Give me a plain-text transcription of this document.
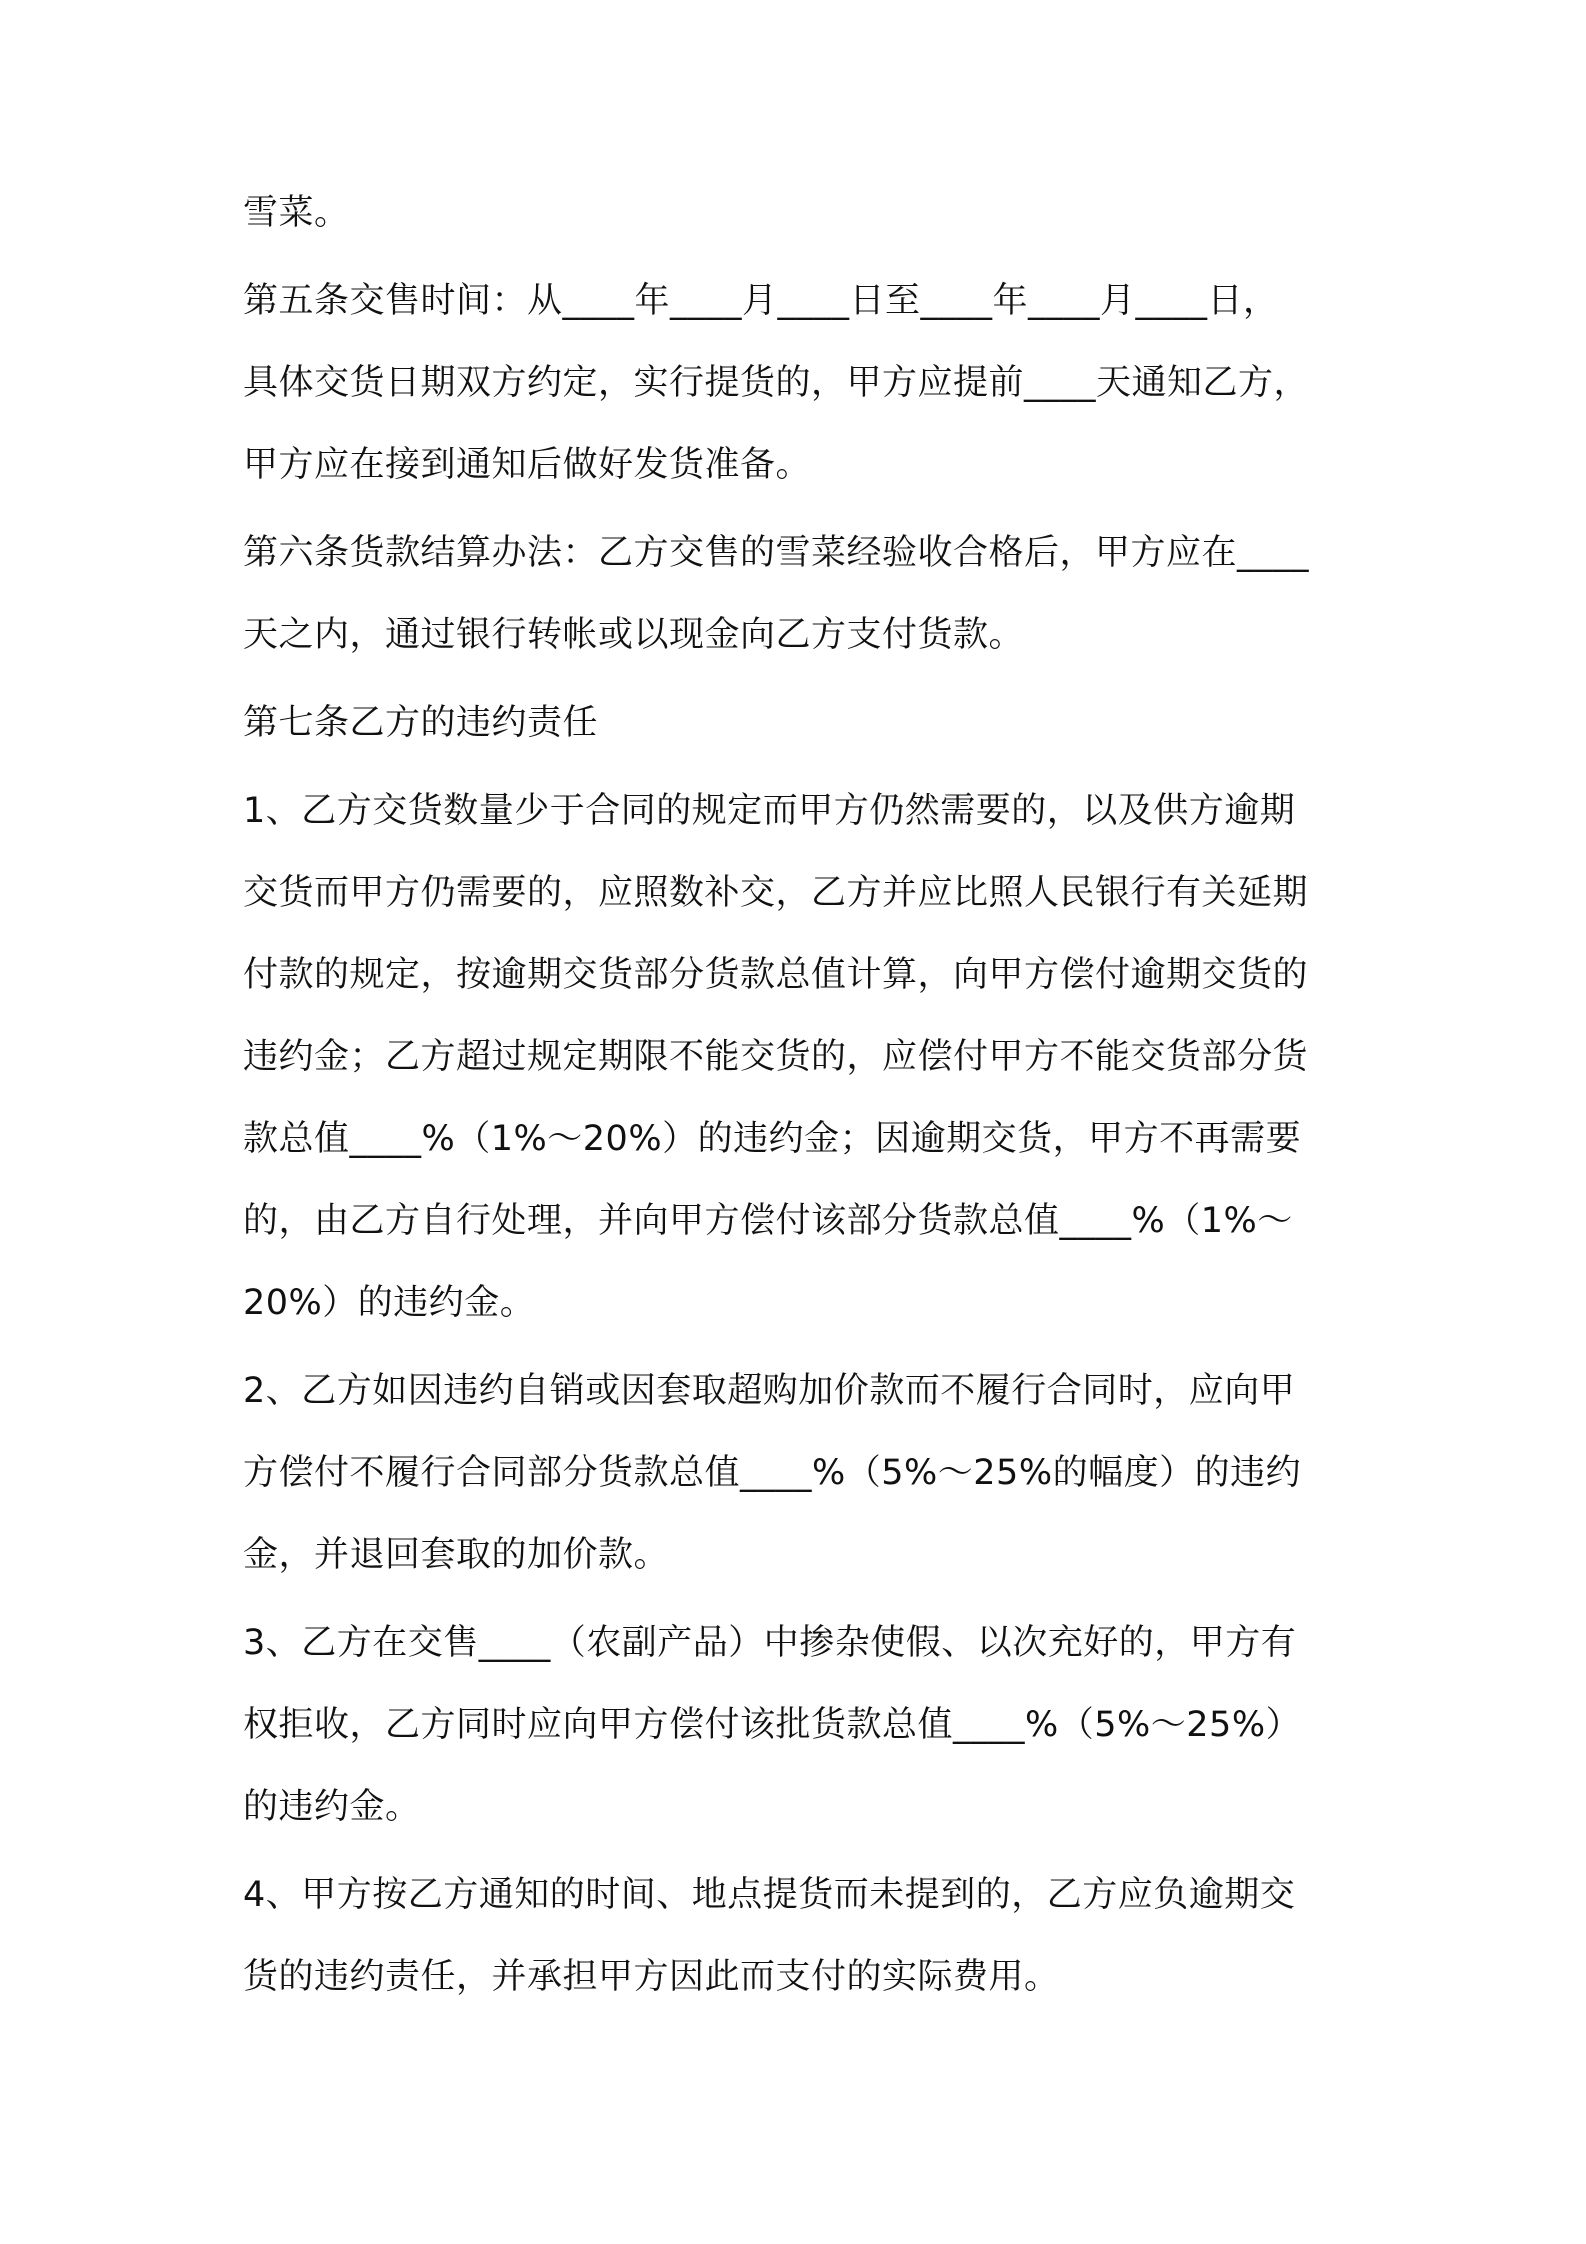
雪菜。

第五条交售时间：从____年____月____日至____年____月____日，
具体交货日期双方约定，实行提货的，甲方应提前____天通知乙方，
甲方应在接到通知后做好发货准备。

第六条货款结算办法：乙方交售的雪菜经验收合格后，甲方应在____
天之内，通过银行转帐或以现金向乙方支付货款。

第七条乙方的违约责任

1、乙方交货数量少于合同的规定而甲方仍然需要的，以及供方逾期
交货而甲方仍需要的，应照数补交，乙方并应比照人民银行有关延期
付款的规定，按逾期交货部分货款总值计算，向甲方偿付逾期交货的
违约金；乙方超过规定期限不能交货的，应偿付甲方不能交货部分货
款总值____%（1%～20%）的违约金；因逾期交货，甲方不再需要
的，由乙方自行处理，并向甲方偿付该部分货款总值____%（1%～
20%）的违约金。

2、乙方如因违约自销或因套取超购加价款而不履行合同时，应向甲
方偿付不履行合同部分货款总值____%（5%～25%的幅度）的违约
金，并退回套取的加价款。

3、乙方在交售____（农副产品）中掺杂使假、以次充好的，甲方有
权拒收，乙方同时应向甲方偿付该批货款总值____%（5%～25%）
的违约金。

4、甲方按乙方通知的时间、地点提货而未提到的，乙方应负逾期交
货的违约责任，并承担甲方因此而支付的实际费用。
